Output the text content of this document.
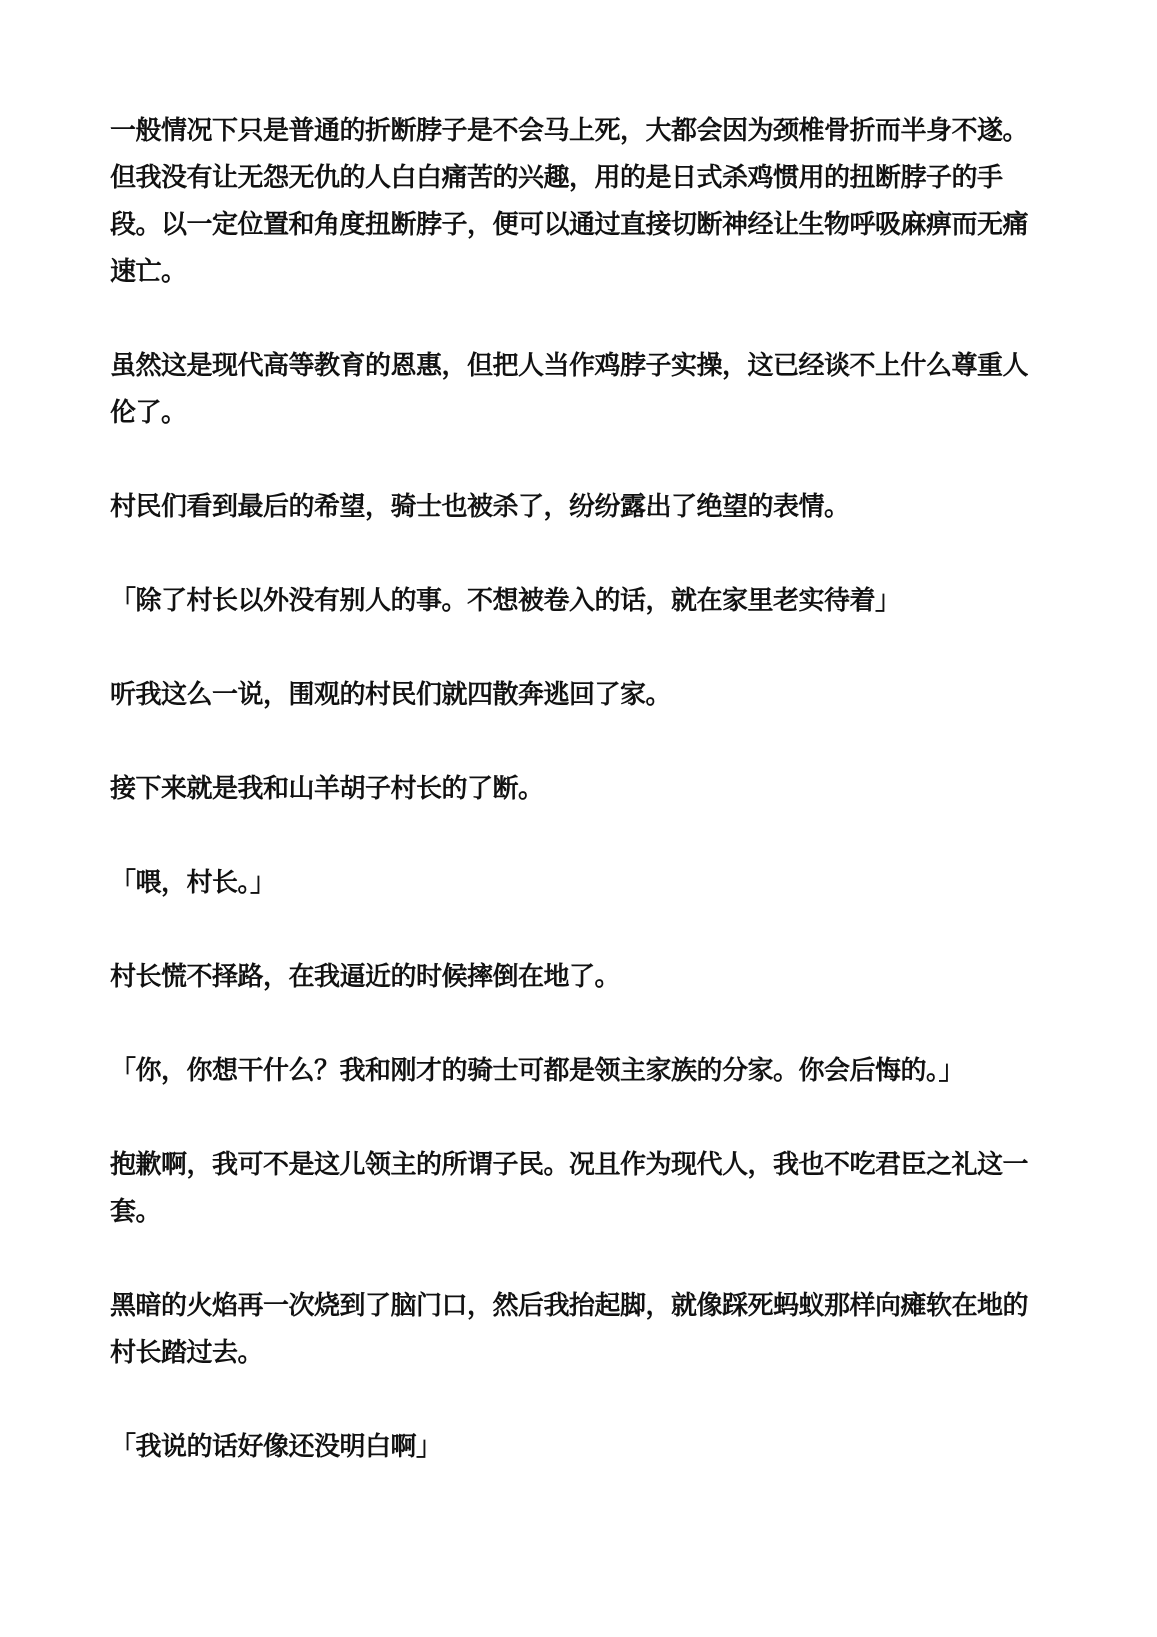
一般情况下只是普通的折断脖子是不会马上死，大都会因为颈椎骨折而半身不遂。但我没有让无怨无仇的人白白痛苦的兴趣，用的是日式杀鸡惯用的扭断脖子的手段。以一定位置和角度扭断脖子，便可以通过直接切断神经让生物呼吸麻痹而无痛速亡。

虽然这是现代高等教育的恩惠，但把人当作鸡脖子实操，这已经谈不上什么尊重人伦了。

村民们看到最后的希望，骑士也被杀了，纷纷露出了绝望的表情。

「除了村长以外没有别人的事。不想被卷入的话，就在家里老实待着」

听我这么一说，围观的村民们就四散奔逃回了家。

接下来就是我和山羊胡子村长的了断。

「喂，村长。」

村长慌不择路，在我逼近的时候摔倒在地了。

「你，你想干什么？我和刚才的骑士可都是领主家族的分家。你会后悔的。」

抱歉啊，我可不是这儿领主的所谓子民。况且作为现代人，我也不吃君臣之礼这一套。

黑暗的火焰再一次烧到了脑门口，然后我抬起脚，就像踩死蚂蚁那样向瘫软在地的村长踏过去。

「我说的话好像还没明白啊」
